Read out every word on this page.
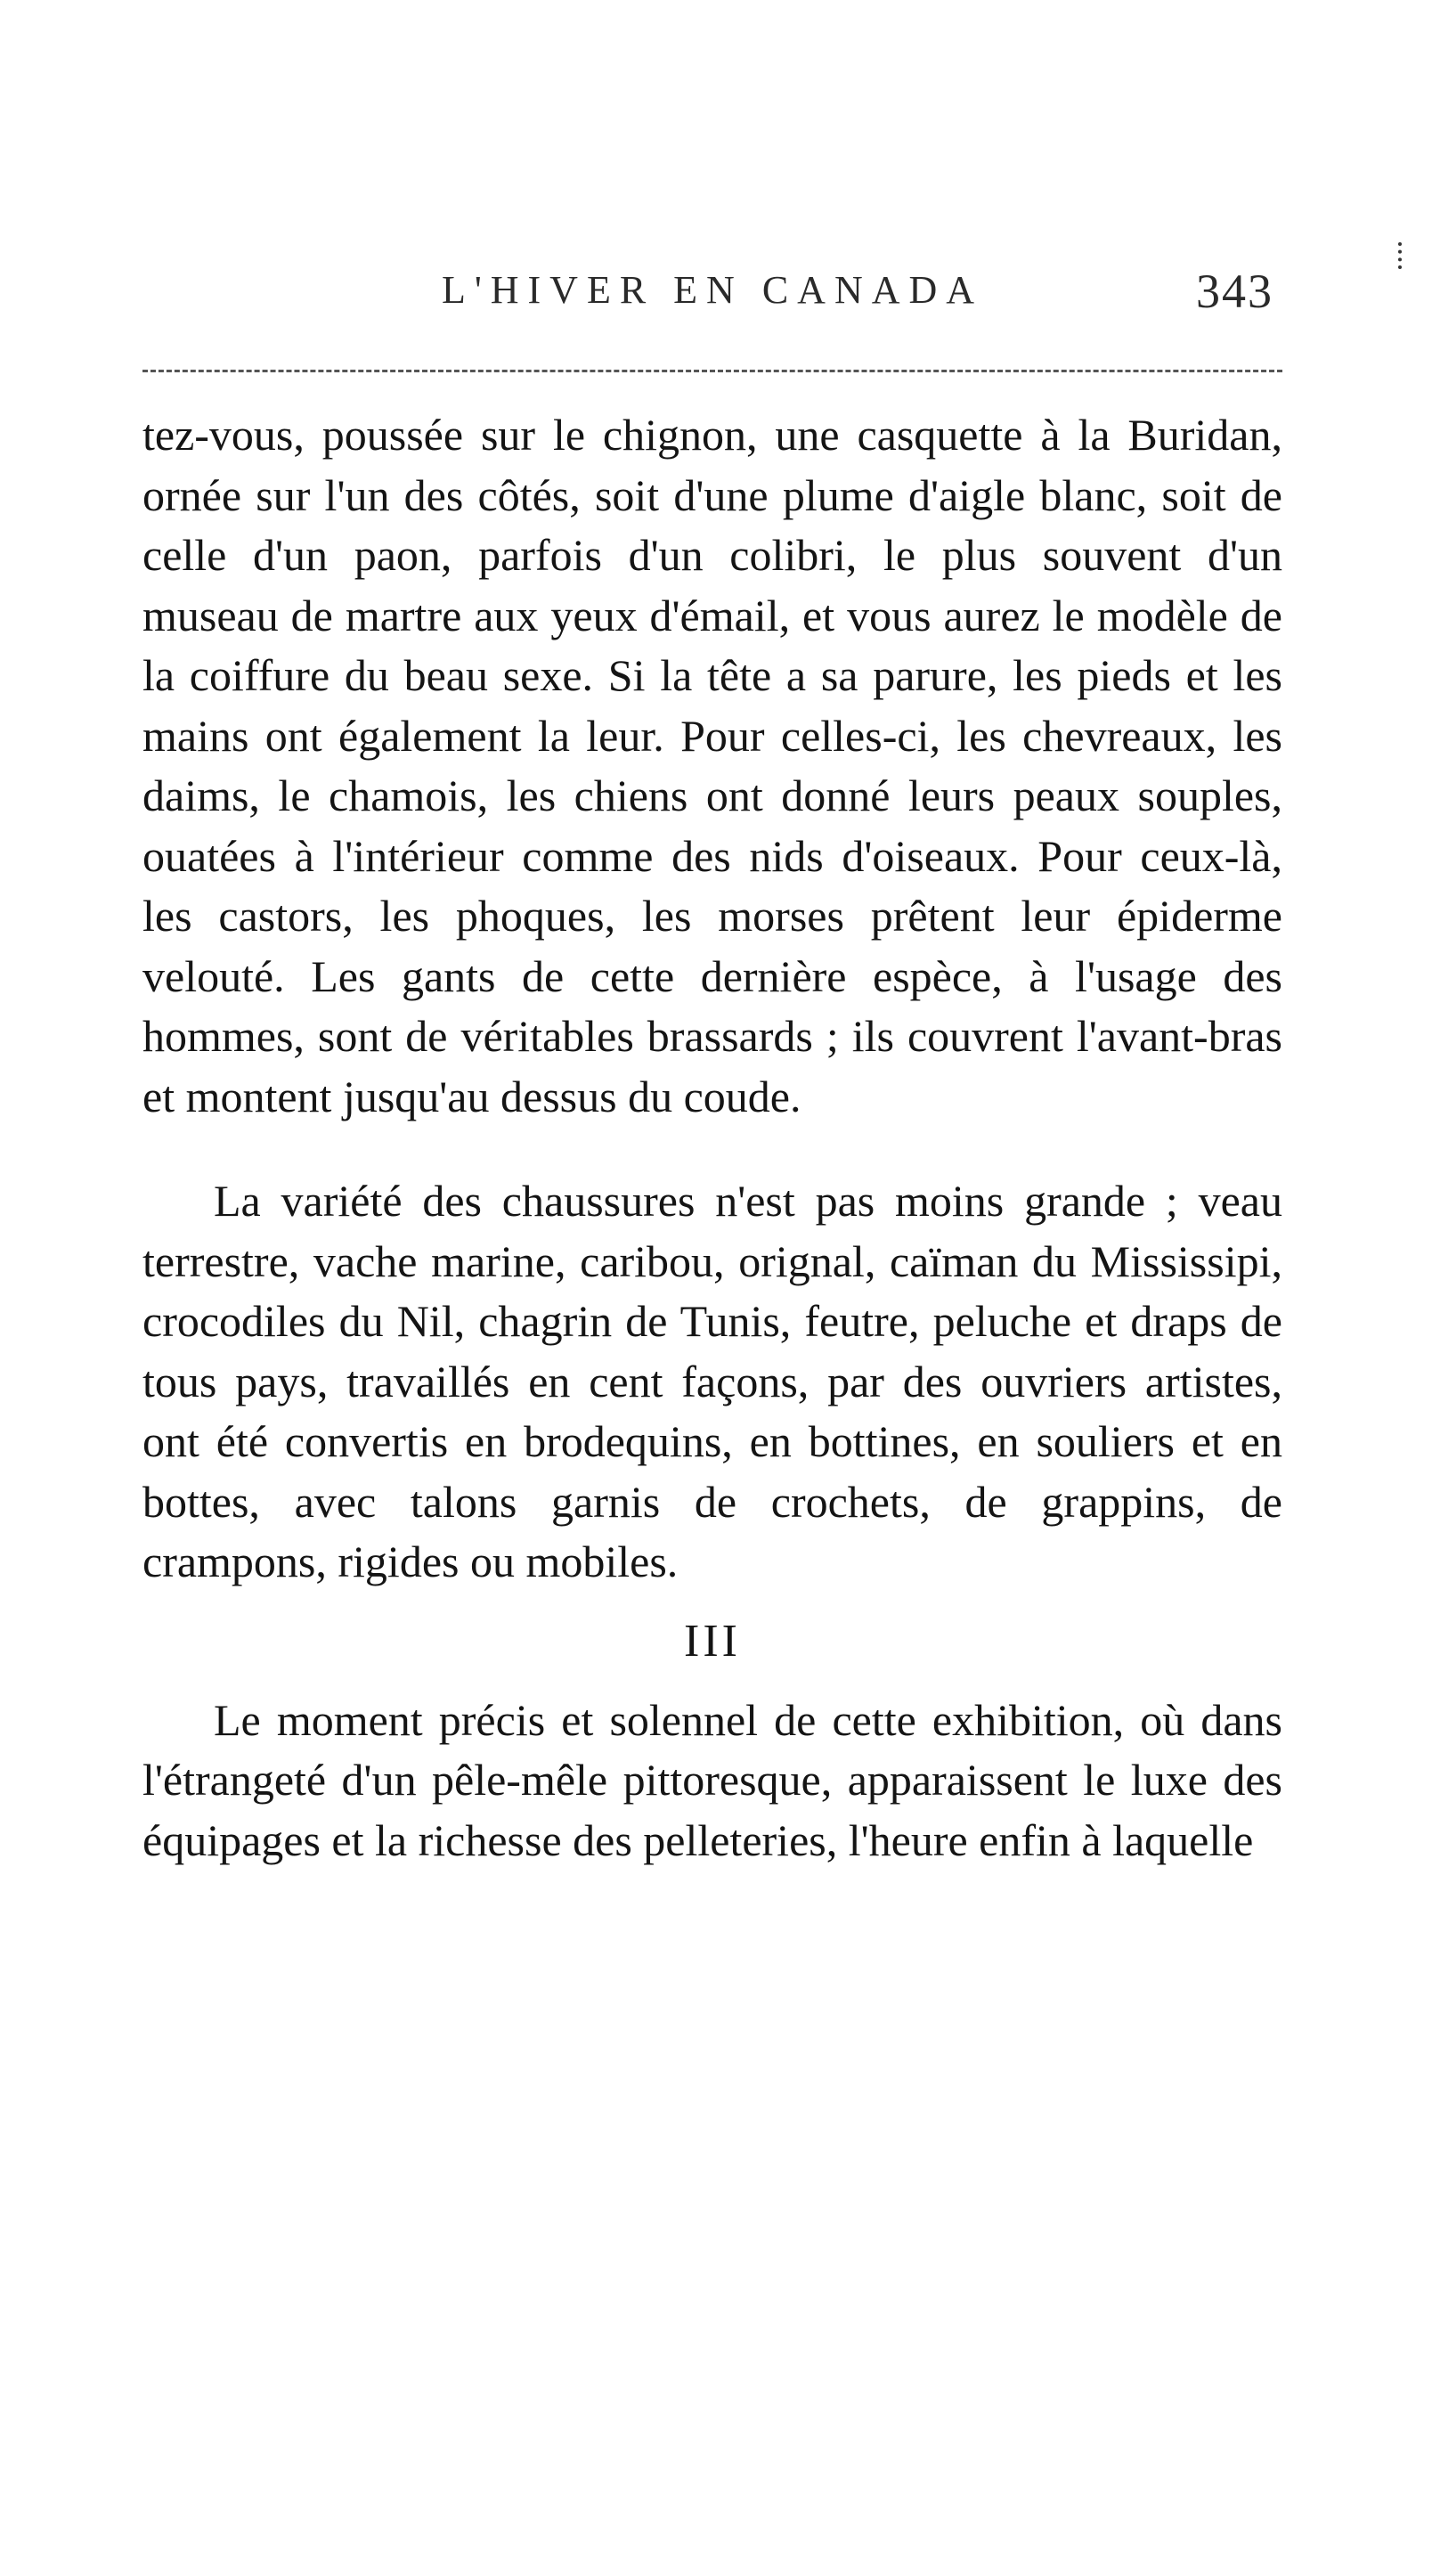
L'HIVER EN CANADA	343

tez-vous, poussée sur le chignon, une casquette à la Buridan, ornée sur l'un des côtés, soit d'une plume d'aigle blanc, soit de celle d'un paon, parfois d'un colibri, le plus souvent d'un museau de martre aux yeux d'émail, et vous aurez le modèle de la coiffure du beau sexe. Si la tête a sa parure, les pieds et les mains ont également la leur. Pour celles-ci, les chevreaux, les daims, le chamois, les chiens ont donné leurs peaux souples, ouatées à l'intérieur comme des nids d'oiseaux. Pour ceux-là, les castors, les phoques, les morses prêtent leur épiderme velouté. Les gants de cette dernière espèce, à l'usage des hommes, sont de véritables brassards ; ils couvrent l'avant-bras et montent jusqu'au dessus du coude.

La variété des chaussures n'est pas moins grande ; veau terrestre, vache marine, caribou, orignal, caïman du Mississipi, crocodiles du Nil, chagrin de Tunis, feutre, peluche et draps de tous pays, travaillés en cent façons, par des ouvriers artistes, ont été convertis en brodequins, en bottines, en souliers et en bottes, avec talons garnis de crochets, de grappins, de crampons, rigides ou mobiles.

III

Le moment précis et solennel de cette exhibition, où dans l'étrangeté d'un pêle-mêle pittoresque, apparaissent le luxe des équipages et la richesse des pelleteries, l'heure enfin à laquelle
